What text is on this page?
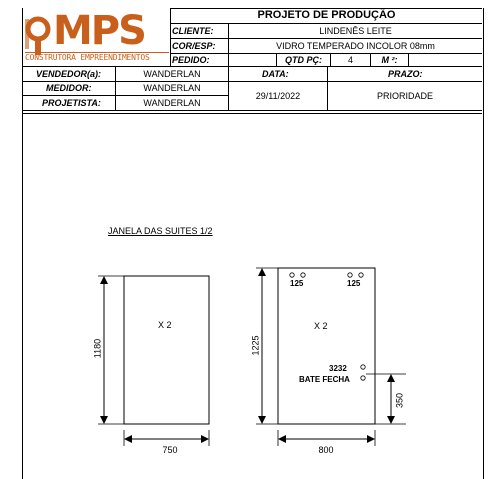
MPS
CONSTRUTORA EMPREENDIMENTOS
PROJETO DE PRODUÇÃO
CLIENTE:	LINDENÊS LEITE
COR/ESP:	VIDRO TEMPERADO INCOLOR 08mm
PEDIDO:	QTD PÇ:	4	M ²:
VENDEDOR(a):	WANDERLAN	DATA:	PRAZO:
MEDIDOR:	WANDERLAN
29/11/2022	PRIORIDADE
PROJETISTA:	WANDERLAN
JANELA DAS SUITES 1/2
X 2
750
1180
X 2
800
1225
125	125
3232
BATE FECHA
350
